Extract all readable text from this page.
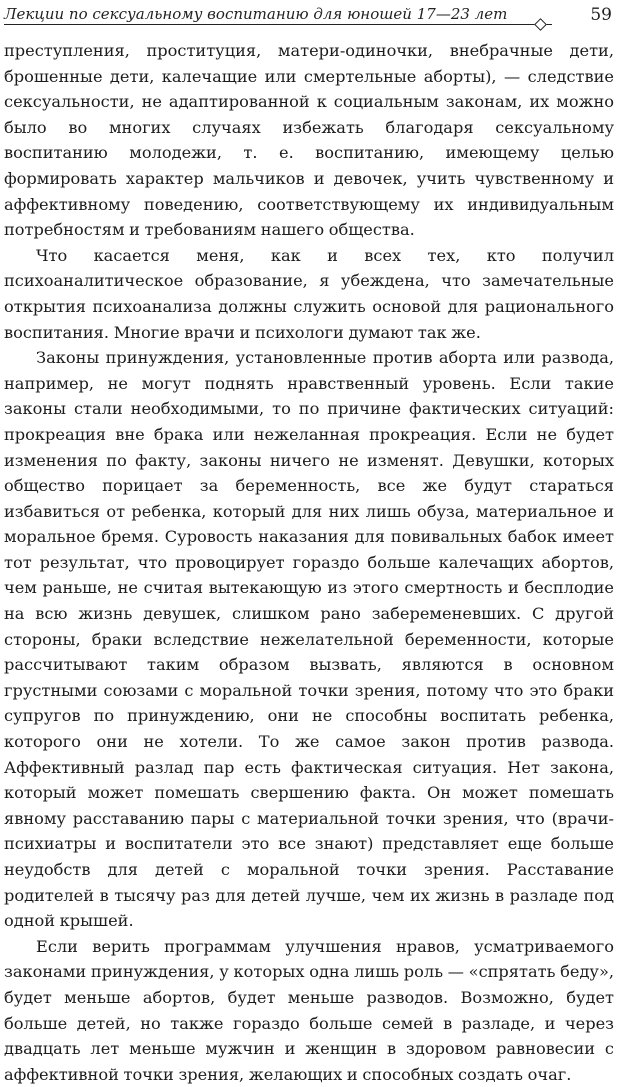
Лекции по сексуальному воспитанию для юношей 17—23 лет	59

преступления, проституция, матери-одиночки, внебрачные дети, брошенные дети, калечащие или смертельные аборты), — следствие сексуальности, не адаптированной к социальным законам, их можно было во многих случаях избежать благодаря сексуальному воспитанию молодежи, т. е. воспитанию, имеющему целью формировать характер мальчиков и девочек, учить чувственному и аффективному поведению, соответствующему их индивидуальным потребностям и требованиям нашего общества.

Что касается меня, как и всех тех, кто получил психоаналитическое образование, я убеждена, что замечательные открытия психоанализа должны служить основой для рационального воспитания. Многие врачи и психологи думают так же.

Законы принуждения, установленные против аборта или развода, например, не могут поднять нравственный уровень. Если такие законы стали необходимыми, то по причине фактических ситуаций: прокреация вне брака или нежеланная прокреация. Если не будет изменения по факту, законы ничего не изменят. Девушки, которых общество порицает за беременность, все же будут стараться избавиться от ребенка, который для них лишь обуза, материальное и моральное бремя. Суровость наказания для повивальных бабок имеет тот результат, что провоцирует гораздо больше калечащих абортов, чем раньше, не считая вытекающую из этого смертность и бесплодие на всю жизнь девушек, слишком рано забеременевших. С другой стороны, браки вследствие нежелательной беременности, которые рассчитывают таким образом вызвать, являются в основном грустными союзами с моральной точки зрения, потому что это браки супругов по принуждению, они не способны воспитать ребенка, которого они не хотели. То же самое закон против развода. Аффективный разлад пар есть фактическая ситуация. Нет закона, который может помешать свершению факта. Он может помешать явному расставанию пары с материальной точки зрения, что (врачи-психиатры и воспитатели это все знают) представляет еще больше неудобств для детей с моральной точки зрения. Расставание родителей в тысячу раз для детей лучше, чем их жизнь в разладе под одной крышей.

Если верить программам улучшения нравов, усматриваемого законами принуждения, у которых одна лишь роль — «спрятать беду», будет меньше абортов, будет меньше разводов. Возможно, будет больше детей, но также гораздо больше семей в разладе, и через двадцать лет меньше мужчин и женщин в здоровом равновесии с аффективной точки зрения, желающих и способных создать очаг.
